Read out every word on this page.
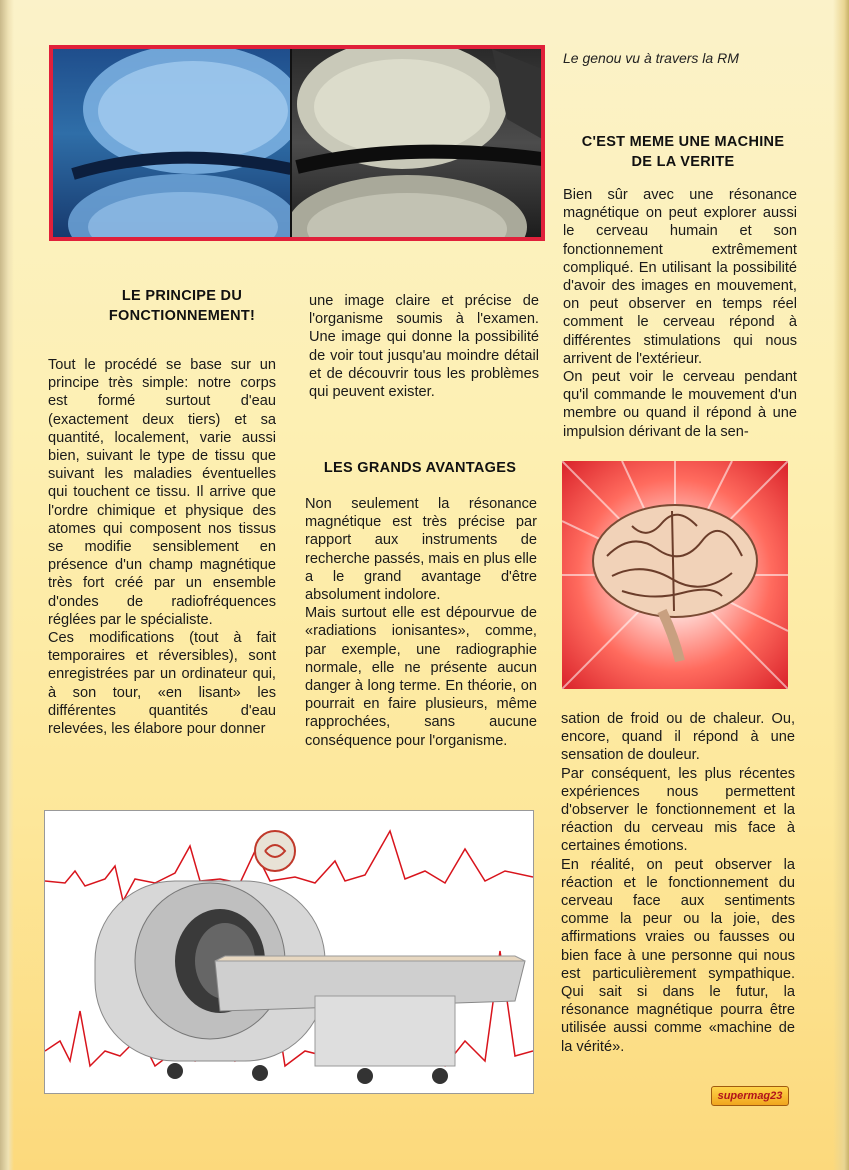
Le genou vu à travers la RM
LE PRINCIPE DU
FONCTIONNEMENT!

Tout le procédé se base sur un principe très simple: notre corps est formé surtout d'eau (exactement deux tiers) et sa quantité, localement, varie aussi bien, suivant le type de tissu que suivant les maladies éventuelles qui touchent ce tissu. Il arrive que l'ordre chimique et physique des atomes qui composent nos tissus se modifie sensiblement en présence d'un champ magnétique très fort créé par un ensemble d'ondes de radiofréquences réglées par le spécialiste.

Ces modifications (tout à fait temporaires et réversibles), sont enregistrées par un ordinateur qui, à son tour, «en lisant» les différentes quantités d'eau relevées, les élabore pour donner

une image claire et précise de l'organisme soumis à l'examen. Une image qui donne la possibilité de voir tout jusqu'au moindre détail et de découvrir tous les problèmes qui peuvent exister.

LES GRANDS AVANTAGES

Non seulement la résonance magnétique est très précise par rapport aux instruments de recherche passés, mais en plus elle a le grand avantage d'être absolument indolore.

Mais surtout elle est dépourvue de «radiations ionisantes», comme, par exemple, une radiographie normale, elle ne présente aucun danger à long terme. En théorie, on pourrait en faire plusieurs, même rapprochées, sans aucune conséquence pour l'organisme.

C'EST MEME UNE MACHINE
DE LA VERITE

Bien sûr avec une résonance magnétique on peut explorer aussi le cerveau humain et son fonctionnement extrêmement compliqué. En utilisant la possibilité d'avoir des images en mouvement, on peut observer en temps réel comment le cerveau répond à différentes stimulations qui nous arrivent de l'extérieur.

On peut voir le cerveau pendant qu'il commande le mouvement d'un membre ou quand il répond à une impulsion dérivant de la sen-

sation de froid ou de chaleur. Ou, encore, quand il répond à une sensation de douleur.

Par conséquent, les plus récentes expériences nous permettent d'observer le fonctionnement et la réaction du cerveau mis face à certaines émotions.

En réalité, on peut observer la réaction et le fonctionnement du cerveau face aux sentiments comme la peur ou la joie, des affirmations vraies ou fausses ou bien face à une personne qui nous est particulièrement sympathique. Qui sait si dans le futur, la résonance magnétique pourra être utilisée aussi comme «machine de la vérité».

supermag23
